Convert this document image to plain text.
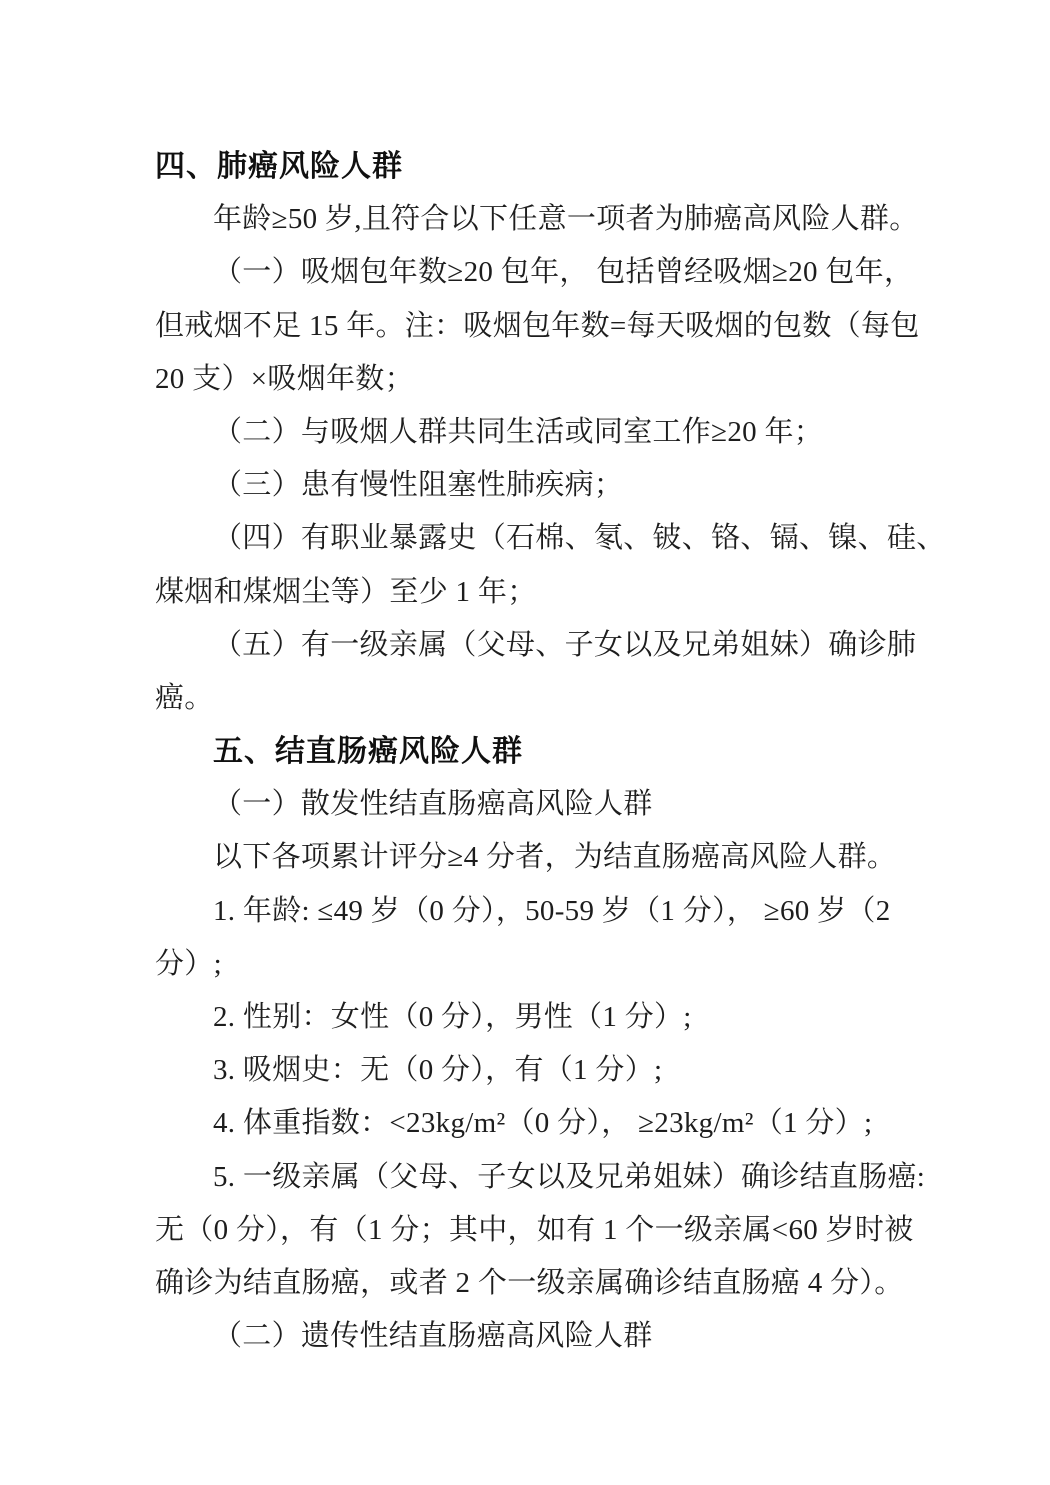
四、肺癌风险人群
年龄≥50 岁,且符合以下任意一项者为肺癌高风险人群。
（一）吸烟包年数≥20 包年， 包括曾经吸烟≥20 包年，
但戒烟不足 15 年。注：吸烟包年数=每天吸烟的包数（每包
20 支）×吸烟年数；
（二）与吸烟人群共同生活或同室工作≥20 年；
（三）患有慢性阻塞性肺疾病；
（四）有职业暴露史（石棉、氡、铍、铬、镉、镍、硅、
煤烟和煤烟尘等）至少 1 年；
（五）有一级亲属（父母、子女以及兄弟姐妹）确诊肺
癌。
五、结直肠癌风险人群
（一）散发性结直肠癌高风险人群
以下各项累计评分≥4 分者，为结直肠癌高风险人群。
1. 年龄: ≤49 岁（0 分），50-59 岁（1 分）， ≥60 岁（2
分）;
2. 性别：女性（0 分），男性（1 分）;
3. 吸烟史：无（0 分），有（1 分）;
4. 体重指数：<23kg/m²（0 分）， ≥23kg/m²（1 分）;
5. 一级亲属（父母、子女以及兄弟姐妹）确诊结直肠癌:
无（0 分），有（1 分；其中，如有 1 个一级亲属<60 岁时被
确诊为结直肠癌，或者 2 个一级亲属确诊结直肠癌 4 分）。
（二）遗传性结直肠癌高风险人群
